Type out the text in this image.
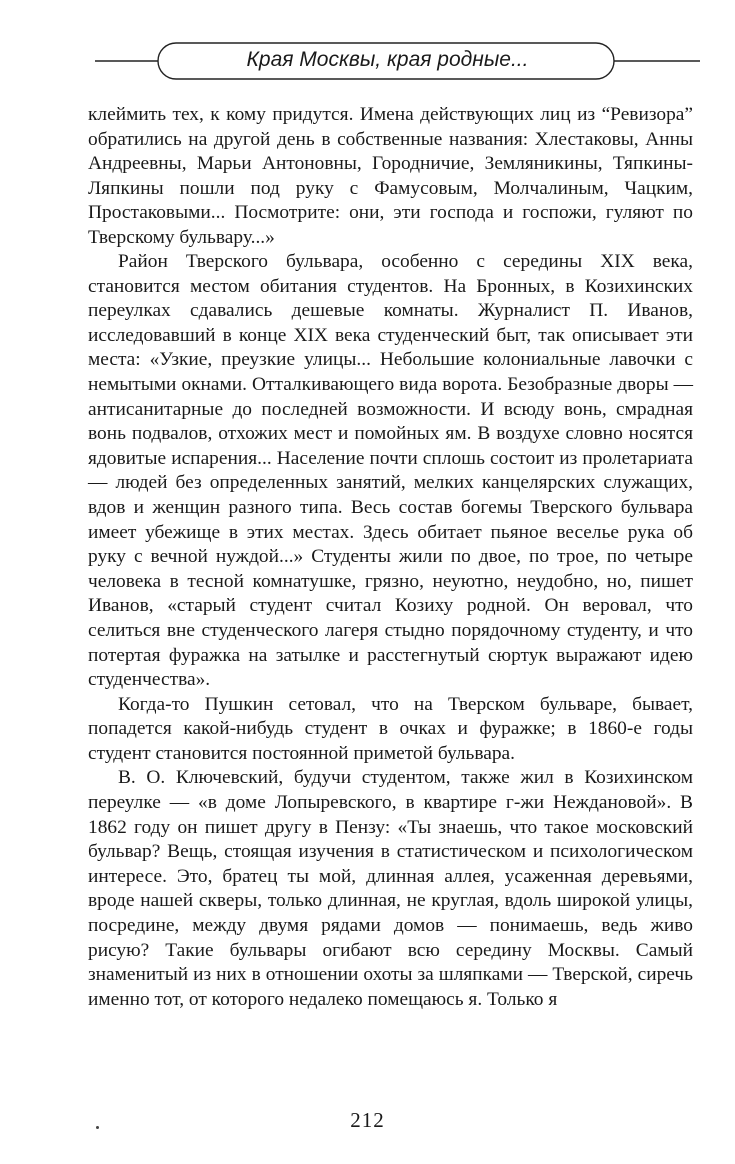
Края Москвы, края родные...

клеймить тех, к кому придутся. Имена действующих лиц из “Ревизора” обратились на другой день в собственные названия: Хлестаковы, Анны Андреевны, Марьи Антоновны, Городничие, Земляникины, Тяпкины-Ляпкины пошли под руку с Фамусовым, Молчалиным, Чацким, Простаковыми... Посмотрите: они, эти господа и госпожи, гуляют по Тверскому бульвару...»

Район Тверского бульвара, особенно с середины XIX века, становится местом обитания студентов. На Бронных, в Козихинских переулках сдавались дешевые комнаты. Журналист П. Иванов, исследовавший в конце XIX века студенческий быт, так описывает эти места: «Узкие, преузкие улицы... Небольшие колониальные лавочки с немытыми окнами. Отталкивающего вида ворота. Безобразные дворы — антисанитарные до последней возможности. И всюду вонь, смрадная вонь подвалов, отхожих мест и помойных ям. В воздухе словно носятся ядовитые испарения... Население почти сплошь состоит из пролетариата — людей без определенных занятий, мелких канцелярских служащих, вдов и женщин разного типа. Весь состав богемы Тверского бульвара имеет убежище в этих местах. Здесь обитает пьяное веселье рука об руку с вечной нуждой...» Студенты жили по двое, по трое, по четыре человека в тесной комнатушке, грязно, неуютно, неудобно, но, пишет Иванов, «старый студент считал Козиху родной. Он веровал, что селиться вне студенческого лагеря стыдно порядочному студенту, и что потертая фуражка на затылке и расстегнутый сюртук выражают идею студенчества».

Когда-то Пушкин сетовал, что на Тверском бульваре, бывает, попадется какой-нибудь студент в очках и фуражке; в 1860-е годы студент становится постоянной приметой бульвара.

В. О. Ключевский, будучи студентом, также жил в Козихинском переулке — «в доме Лопыревского, в квартире г-жи Неждановой». В 1862 году он пишет другу в Пензу: «Ты знаешь, что такое московский бульвар? Вещь, стоящая изучения в статистическом и психологическом интересе. Это, братец ты мой, длинная аллея, усаженная деревьями, вроде нашей скверы, только длинная, не круглая, вдоль широкой улицы, посредине, между двумя рядами домов — понимаешь, ведь живо рисую? Такие бульвары огибают всю середину Москвы. Самый знаменитый из них в отношении охоты за шляпками — Тверской, сиречь именно тот, от которого недалеко помещаюсь я. Только я

212
